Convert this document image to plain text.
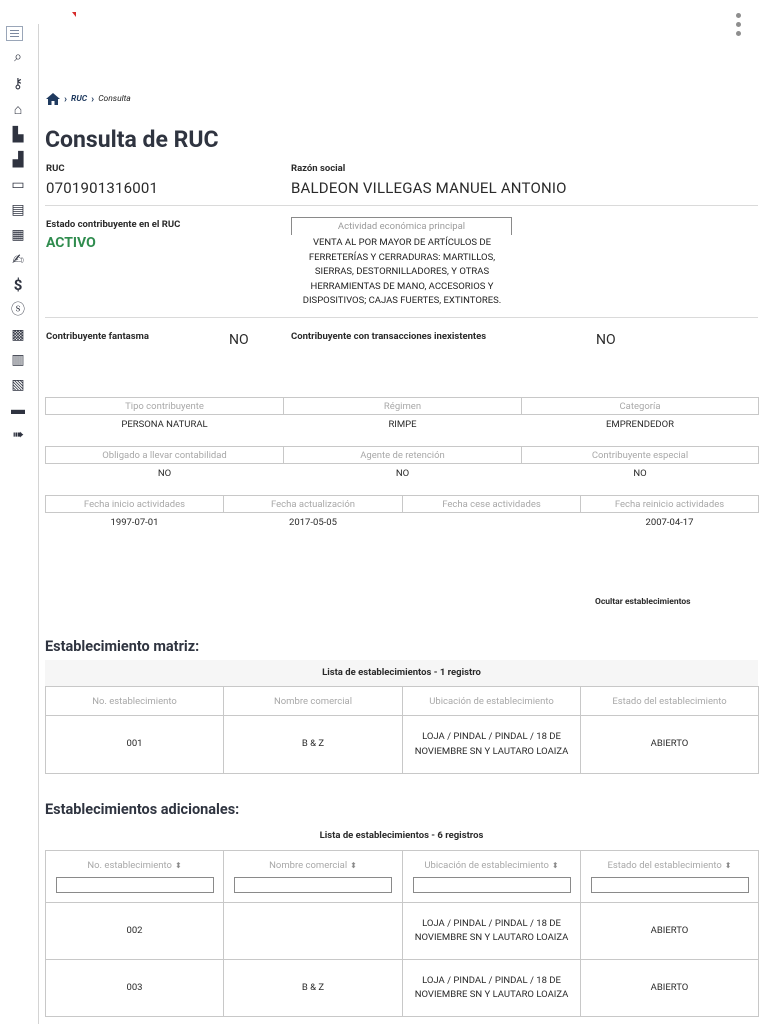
⌕
⚷
⌂
▙
▟
▭
▤
▦
✍
$
ⓢ
▩
▥
▧
▬
➠
› RUC › Consulta
Consulta de RUC
RUC
0701901316001
Razón social
BALDEON VILLEGAS MANUEL ANTONIO
Estado contribuyente en el RUC
ACTIVO
Actividad económica principal
VENTA AL POR MAYOR DE ARTÍCULOS DE FERRETERÍAS Y CERRADURAS: MARTILLOS, SIERRAS, DESTORNILLADORES, Y OTRAS HERRAMIENTAS DE MANO, ACCESORIOS Y DISPOSITIVOS; CAJAS FUERTES, EXTINTORES.
Contribuyente fantasma	NO	Contribuyente con transacciones inexistentes	NO
Tipo contribuyente	Régimen	Categoría
PERSONA NATURAL	RIMPE	EMPRENDEDOR
Obligado a llevar contabilidad	Agente de retención	Contribuyente especial
NO	NO	NO
Fecha inicio actividades	Fecha actualización	Fecha cese actividades	Fecha reinicio actividades
1997-07-01	2017-05-05		2007-04-17
Ocultar establecimientos
Establecimiento matriz:
Lista de establecimientos - 1 registro
No. establecimiento	Nombre comercial	Ubicación de establecimiento	Estado del establecimiento
001	B & Z	LOJA / PINDAL / PINDAL / 18 DE NOVIEMBRE SN Y LAUTARO LOAIZA	ABIERTO
Establecimientos adicionales:
Lista de establecimientos - 6 registros
No. establecimiento ⬍	Nombre comercial ⬍	Ubicación de establecimiento ⬍	Estado del establecimiento ⬍

002		LOJA / PINDAL / PINDAL / 18 DE NOVIEMBRE SN Y LAUTARO LOAIZA	ABIERTO
003	B & Z	LOJA / PINDAL / PINDAL / 18 DE NOVIEMBRE SN Y LAUTARO LOAIZA	ABIERTO
